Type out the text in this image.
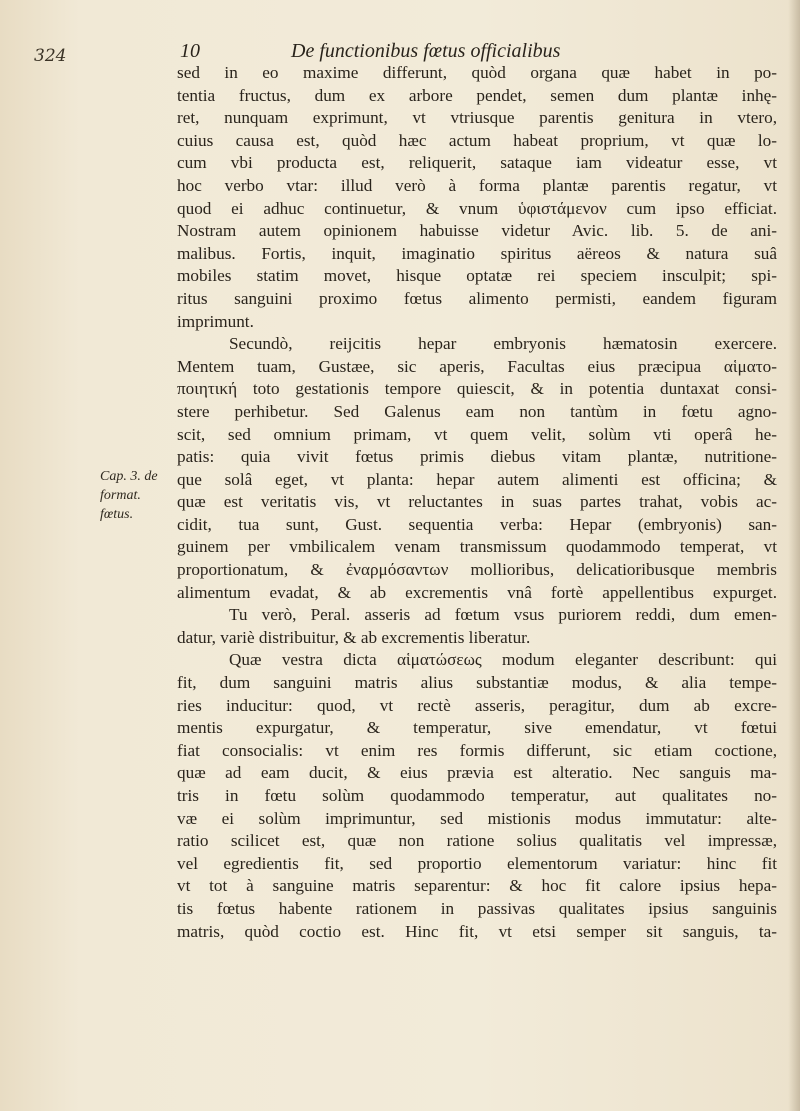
324	10	De functionibus fœtus officialibus
Cap. 3. de
format.
fœtus.
sed in eo maxime differunt, quòd organa quæ habet in po-
tentia fructus, dum ex arbore pendet, semen dum plantæ inhę-
ret, nunquam exprimunt, vt vtriusque parentis genitura in vtero,
cuius causa est, quòd hæc actum habeat proprium, vt quæ lo-
cum vbi producta est, reliquerit, sataque iam videatur esse, vt
hoc verbo vtar: illud verò à forma plantæ parentis regatur, vt
quod ei adhuc continuetur, & vnum ὑφιστάμενον cum ipso efficiat.
Nostram autem opinionem habuisse videtur Avic. lib. 5. de ani-
malibus. Fortis, inquit, imaginatio spiritus aëreos & natura suâ
mobiles statim movet, hisque optatæ rei speciem insculpit; spi-
ritus sanguini proximo fœtus alimento permisti, eandem figuram
imprimunt.
Secundò, reijcitis hepar embryonis hæmatosin exercere.
Mentem tuam, Gustæe, sic aperis, Facultas eius præcipua αἱματο-
ποιητική toto gestationis tempore quiescit, & in potentia duntaxat consi-
stere perhibetur. Sed Galenus eam non tantùm in fœtu agno-
scit, sed omnium primam, vt quem velit, solùm vti operâ he-
patis: quia vivit fœtus primis diebus vitam plantæ, nutritione-
que solâ eget, vt planta: hepar autem alimenti est officina; &
quæ est veritatis vis, vt reluctantes in suas partes trahat, vobis ac-
cidit, tua sunt, Gust. sequentia verba: Hepar (embryonis) san-
guinem per vmbilicalem venam transmissum quodammodo temperat, vt
proportionatum, & ἐναρμόσαντων mollioribus, delicatioribusque membris
alimentum evadat, & ab excrementis vnâ fortè appellentibus expurget.
Tu verò, Peral. asseris ad fœtum vsus puriorem reddi, dum emen-
datur, variè distribuitur, & ab excrementis liberatur.
Quæ vestra dicta αἱματώσεως modum eleganter describunt: qui
fit, dum sanguini matris alius substantiæ modus, & alia tempe-
ries inducitur: quod, vt rectè asseris, peragitur, dum ab excre-
mentis expurgatur, & temperatur, sive emendatur, vt fœtui
fiat consocialis: vt enim res formis differunt, sic etiam coctione,
quæ ad eam ducit, & eius prævia est alteratio. Nec sanguis ma-
tris in fœtu solùm quodammodo temperatur, aut qualitates no-
væ ei solùm imprimuntur, sed mistionis modus immutatur: alte-
ratio scilicet est, quæ non ratione solius qualitatis vel impressæ,
vel egredientis fit, sed proportio elementorum variatur: hinc fit
vt tot à sanguine matris separentur: & hoc fit calore ipsius hepa-
tis fœtus habente rationem in passivas qualitates ipsius sanguinis
matris, quòd coctio est. Hinc fit, vt etsi semper sit sanguis, ta-
